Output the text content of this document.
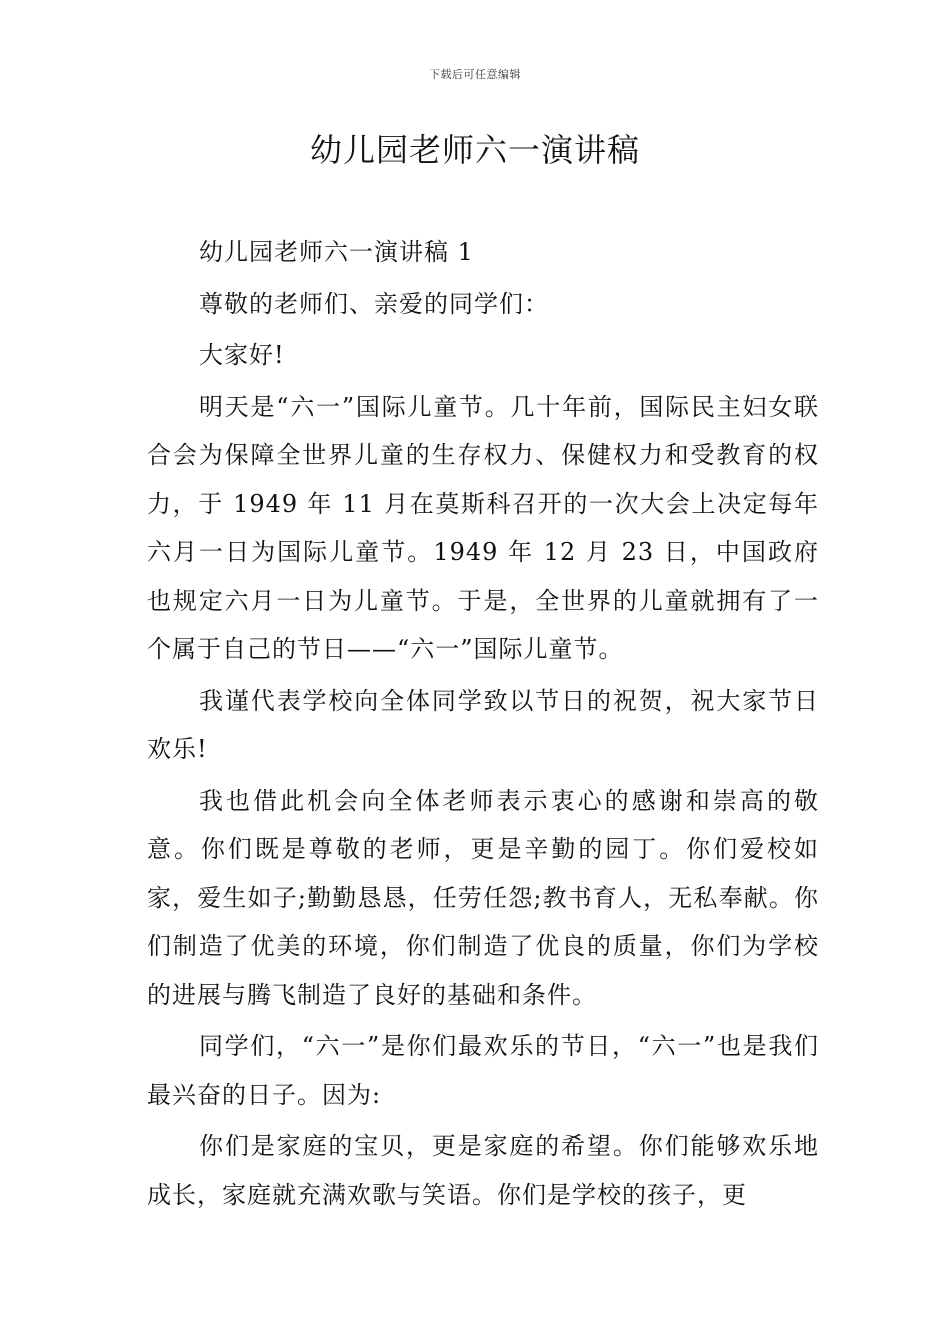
下载后可任意编辑
幼儿园老师六一演讲稿

幼儿园老师六一演讲稿 1

尊敬的老师们、亲爱的同学们：

大家好!

明天是“六一”国际儿童节。几十年前，国际民主妇女联合会为保障全世界儿童的生存权力、保健权力和受教育的权力，于 1949 年 11 月在莫斯科召开的一次大会上决定每年六月一日为国际儿童节。1949 年 12 月 23 日，中国政府也规定六月一日为儿童节。于是，全世界的儿童就拥有了一个属于自己的节日——“六一”国际儿童节。

我谨代表学校向全体同学致以节日的祝贺，祝大家节日欢乐!

我也借此机会向全体老师表示衷心的感谢和崇高的敬意。你们既是尊敬的老师，更是辛勤的园丁。你们爱校如家，爱生如子;勤勤恳恳，任劳任怨;教书育人，无私奉献。你们制造了优美的环境，你们制造了优良的质量，你们为学校的进展与腾飞制造了良好的基础和条件。

同学们，“六一”是你们最欢乐的节日，“六一”也是我们最兴奋的日子。因为:

你们是家庭的宝贝，更是家庭的希望。你们能够欢乐地成长，家庭就充满欢歌与笑语。你们是学校的孩子，更
